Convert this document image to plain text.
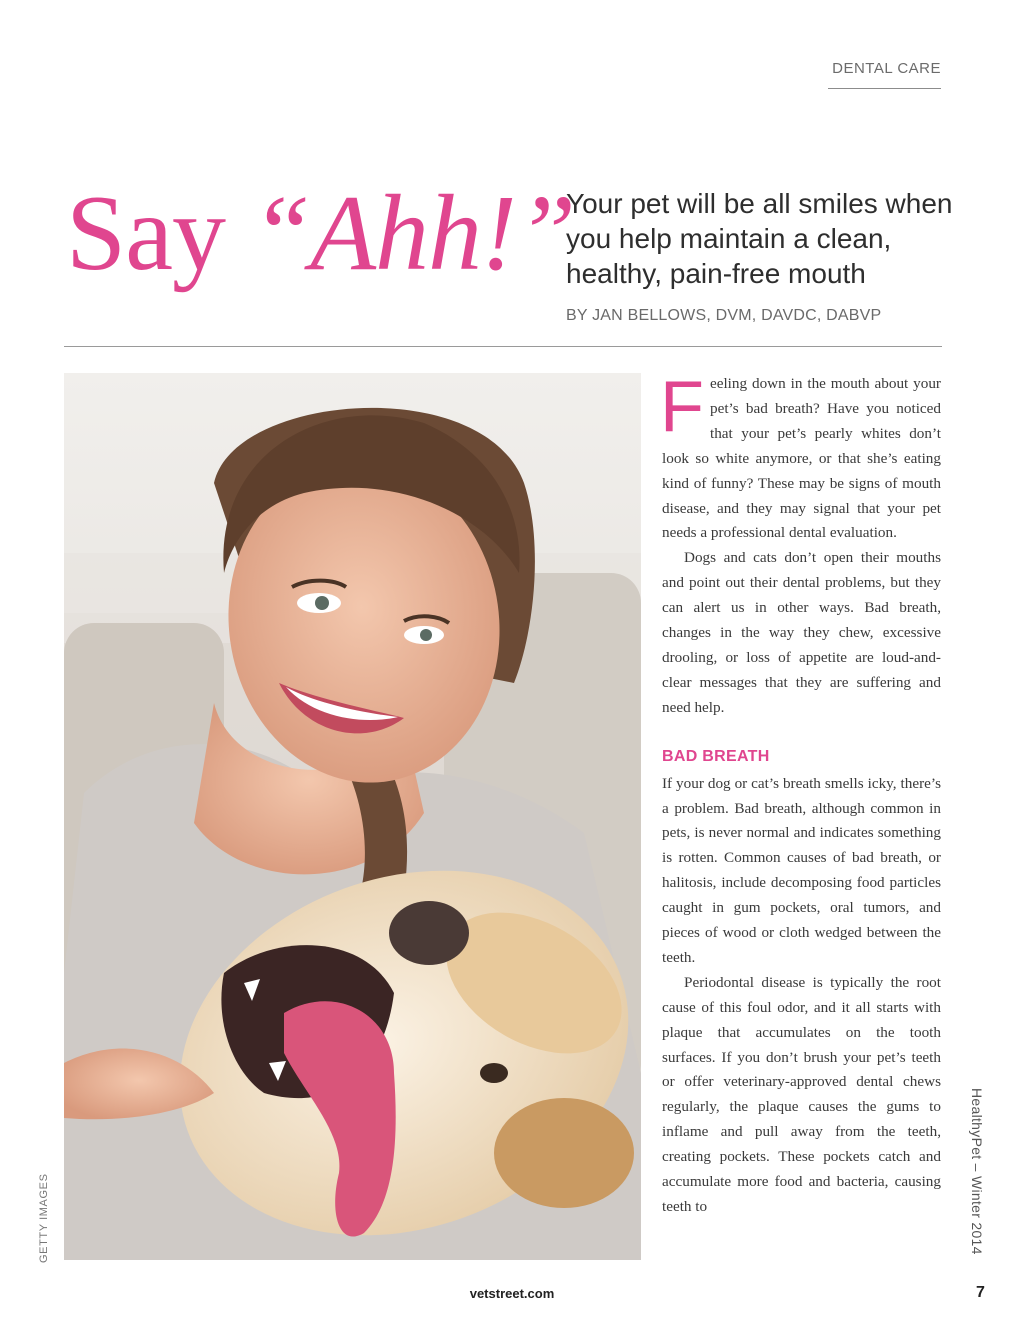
DENTAL CARE
Say “Ahh!”
Your pet will be all smiles when you help maintain a clean, healthy, pain-free mouth
BY JAN BELLOWS, DVM, DAVDC, DABVP
GETTY IMAGES

Feeling down in the mouth about your pet’s bad breath? Have you noticed that your pet’s pearly whites don’t look so white anymore, or that she’s eating kind of funny? These may be signs of mouth disease, and they may signal that your pet needs a professional dental evaluation.

Dogs and cats don’t open their mouths and point out their dental problems, but they can alert us in other ways. Bad breath, changes in the way they chew, excessive drooling, or loss of appetite are loud-and-clear messages that they are suffering and need help.

BAD BREATH

If your dog or cat’s breath smells icky, there’s a problem. Bad breath, although common in pets, is never normal and indicates something is rotten. Common causes of bad breath, or halitosis, include decomposing food particles caught in gum pockets, oral tumors, and pieces of wood or cloth wedged between the teeth.

Periodontal disease is typically the root cause of this foul odor, and it all starts with plaque that accumulates on the tooth surfaces. If you don’t brush your pet’s teeth or offer veterinary-approved dental chews regularly, the plaque causes the gums to inflame and pull away from the teeth, creating pockets. These pockets catch and accumulate more food and bacteria, causing teeth to	HealthyPet – Winter 2014
vetstreet.com	7
